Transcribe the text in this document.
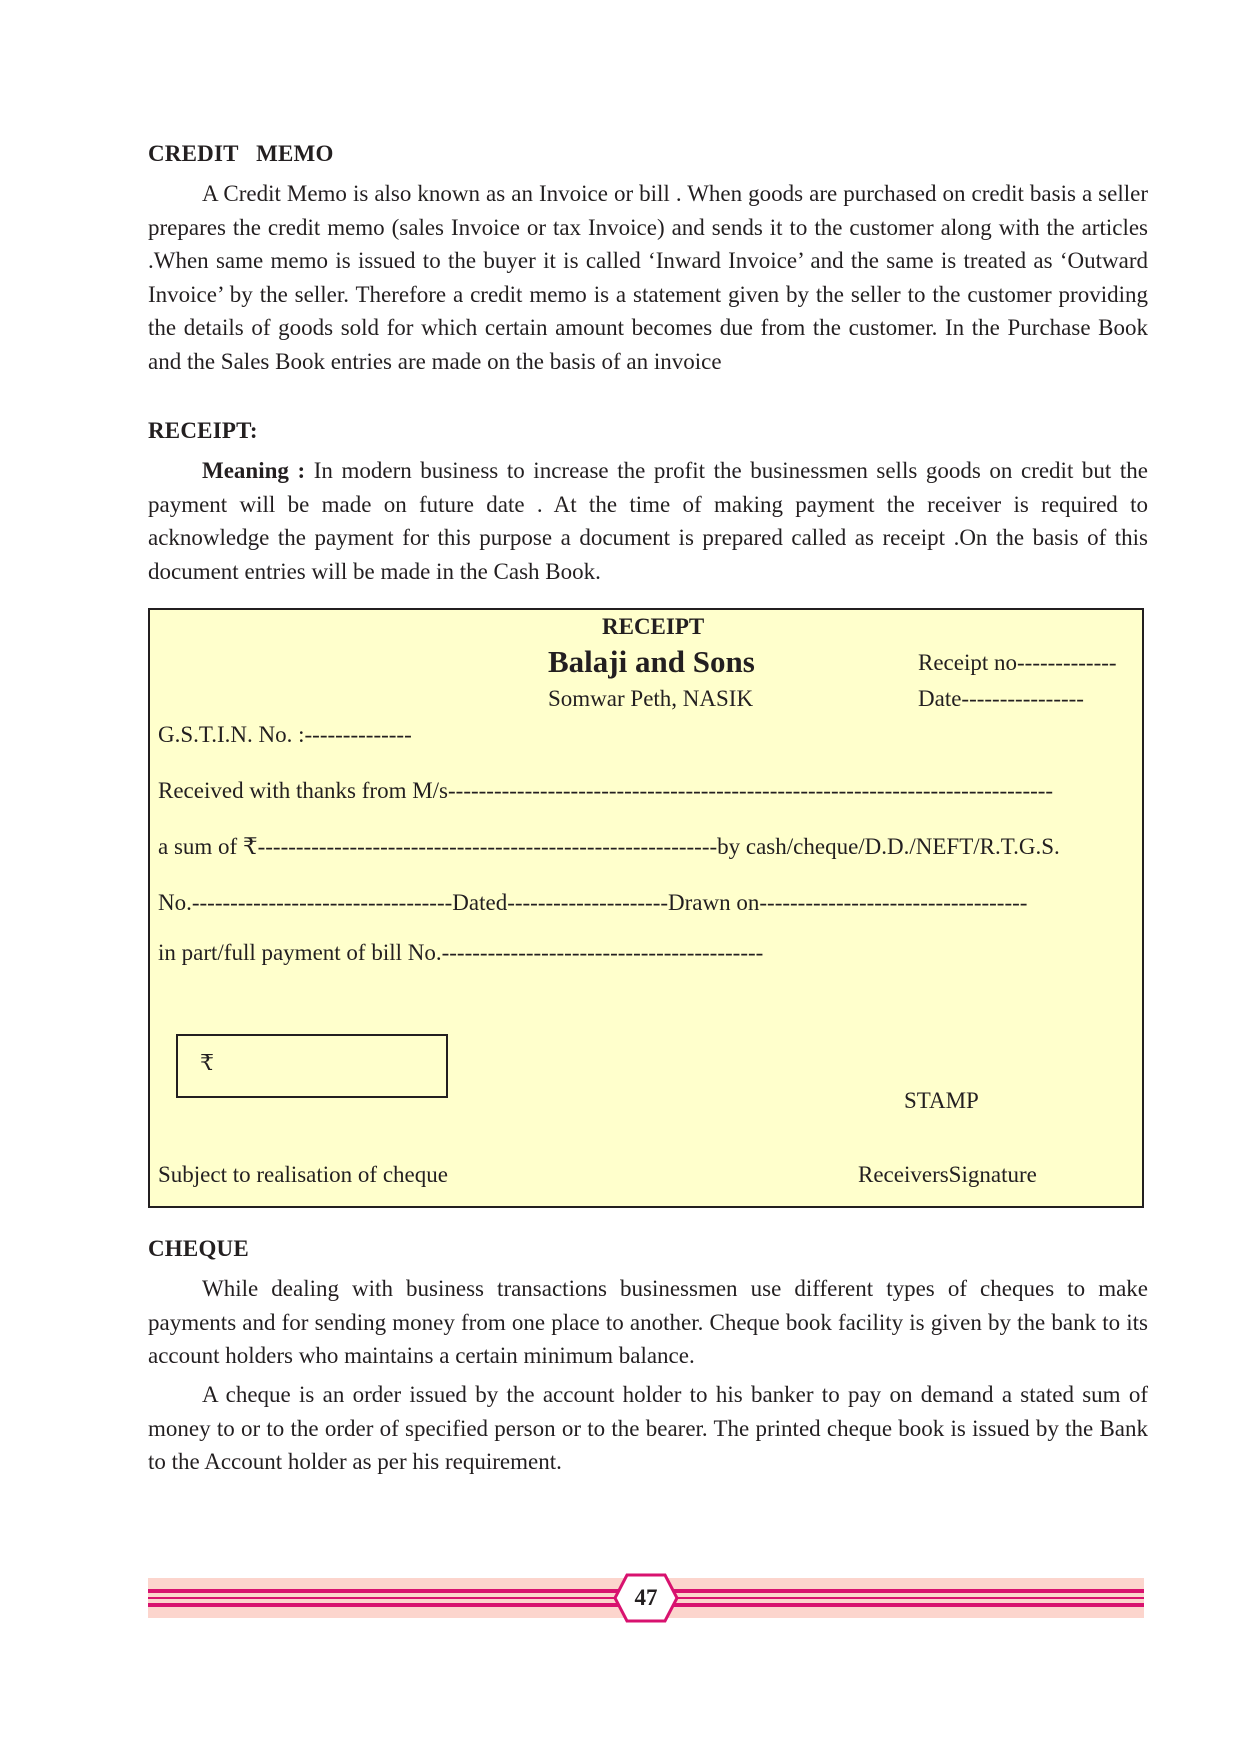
CREDIT   MEMO

A Credit Memo is also known as an Invoice or bill . When goods are purchased on credit basis a seller prepares the credit memo (sales Invoice or tax Invoice) and sends it to the customer along with the articles .When same memo is issued to the buyer it is called ‘Inward Invoice’ and the same is treated as ‘Outward Invoice’ by the seller. Therefore a credit memo is a statement given by the seller to the customer providing the details of goods sold for which certain amount becomes due from the customer. In the Purchase Book and the Sales Book entries are made on the basis of an invoice

RECEIPT:

Meaning : In modern business to increase the profit the businessmen sells goods on credit but the payment will be made on future date . At the time of making payment the receiver is required to acknowledge the payment for this purpose a document is prepared called as receipt .On the basis of this document entries will be made in the Cash Book.

RECEIPT
Balaji and Sons
Somwar Peth, NASIK
Receipt no-------------
Date----------------
G.S.T.I.N. No. :--------------
Received with thanks from M/s-------------------------------------------------------------------------------
a sum of ₹------------------------------------------------------------by cash/cheque/D.D./NEFT/R.T.G.S.
No.----------------------------------Dated---------------------Drawn on-----------------------------------
in part/full payment of bill No.------------------------------------------
₹
STAMP
Subject to realisation of cheque	ReceiversSignature
CHEQUE

While dealing with business transactions businessmen use different types of cheques to make payments and for sending money from one place to another. Cheque book facility is given by the bank to its account holders who maintains a certain minimum balance.

A cheque is an order issued by the account holder to his banker to pay on demand a stated sum of money to or to the order of specified person or to the bearer. The printed cheque book is issued by the Bank to the Account holder as per his requirement.

47
